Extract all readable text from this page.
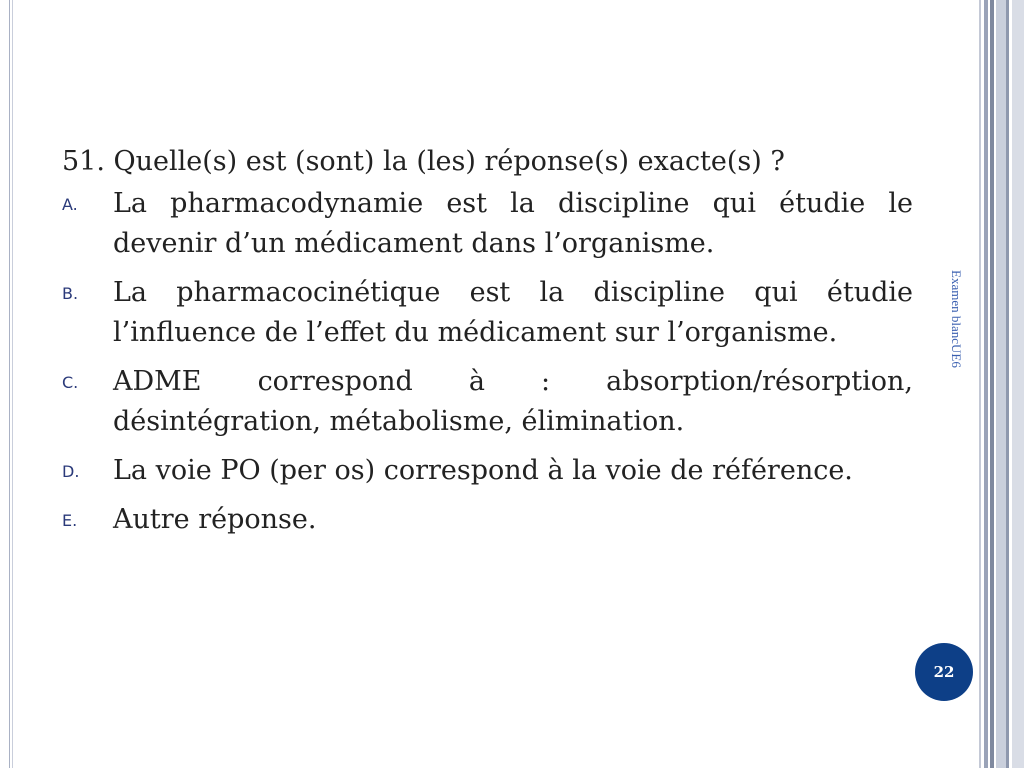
51. Quelle(s) est (sont) la (les) réponse(s) exacte(s) ?

A. La pharmacodynamie est la discipline qui étudie le devenir d’un médicament dans l’organisme.
B. La pharmacocinétique est la discipline qui étudie l’influence de l’effet du médicament sur l’organisme.
C. ADME correspond à : absorption/résorption, désintégration, métabolisme, élimination.
D. La voie PO (per os) correspond à la voie de référence.
E. Autre réponse.
Examen blancUE6
22
